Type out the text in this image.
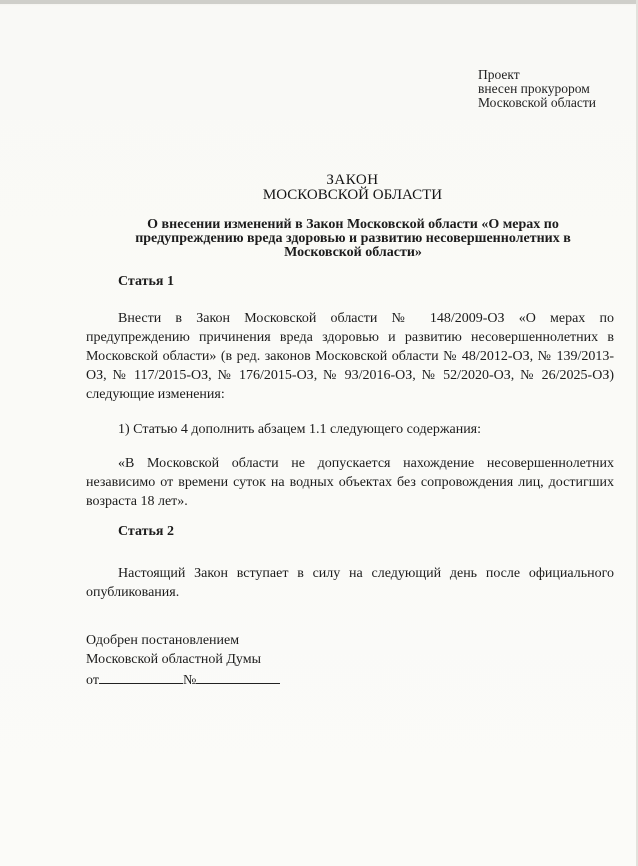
Проект
внесен прокурором
Московской области
ЗАКОН
МОСКОВСКОЙ ОБЛАСТИ
О внесении изменений в Закон Московской области «О мерах по предупреждению вреда здоровью и развитию несовершеннолетних в Московской области»
Статья 1
Внести в Закон Московской области № 148/2009-ОЗ «О мерах по предупреждению причинения вреда здоровью и развитию несовершеннолетних в Московской области» (в ред. законов Московской области № 48/2012-ОЗ, № 139/2013-ОЗ, № 117/2015-ОЗ, № 176/2015-ОЗ, № 93/2016-ОЗ, № 52/2020-ОЗ, № 26/2025-ОЗ) следующие изменения:
1) Статью 4 дополнить абзацем 1.1 следующего содержания:
«В Московской области не допускается нахождение несовершеннолетних независимо от времени суток на водных объектах без сопровождения лиц, достигших возраста 18 лет».
Статья 2
Настоящий Закон вступает в силу на следующий день после официального опубликования.
Одобрен постановлением
Московской областной Думы
от	№
